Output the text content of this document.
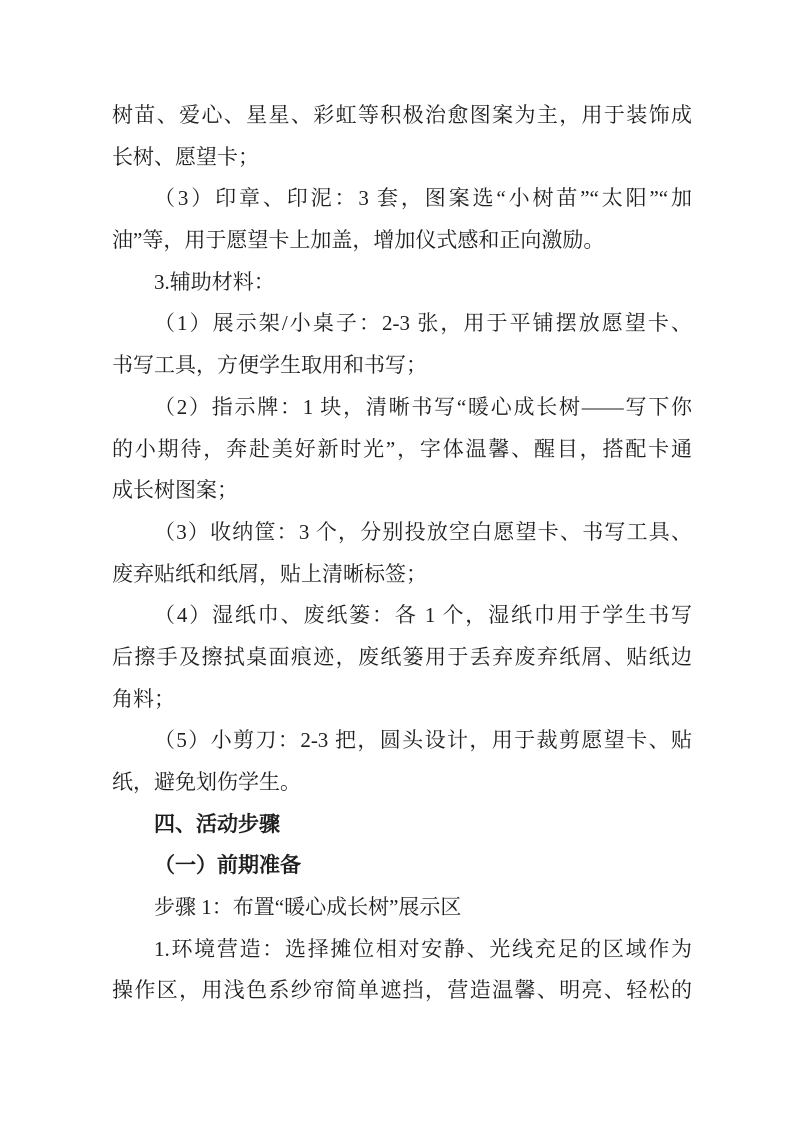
树苗、爱心、星星、彩虹等积极治愈图案为主，用于装饰成
长树、愿望卡；
（3）印章、印泥：3 套，图案选“小树苗”“太阳”“加
油”等，用于愿望卡上加盖，增加仪式感和正向激励。
3.辅助材料：
（1）展示架/小桌子：2-3 张，用于平铺摆放愿望卡、
书写工具，方便学生取用和书写；
（2）指示牌：1 块，清晰书写“暖心成长树——写下你
的小期待，奔赴美好新时光”，字体温馨、醒目，搭配卡通
成长树图案；
（3）收纳筐：3 个，分别投放空白愿望卡、书写工具、
废弃贴纸和纸屑，贴上清晰标签；
（4）湿纸巾、废纸篓：各 1 个，湿纸巾用于学生书写
后擦手及擦拭桌面痕迹，废纸篓用于丢弃废弃纸屑、贴纸边
角料；
（5）小剪刀：2-3 把，圆头设计，用于裁剪愿望卡、贴
纸，避免划伤学生。
四、活动步骤
（一）前期准备
步骤 1：布置“暖心成长树”展示区
1.环境营造：选择摊位相对安静、光线充足的区域作为
操作区，用浅色系纱帘简单遮挡，营造温馨、明亮、轻松的
